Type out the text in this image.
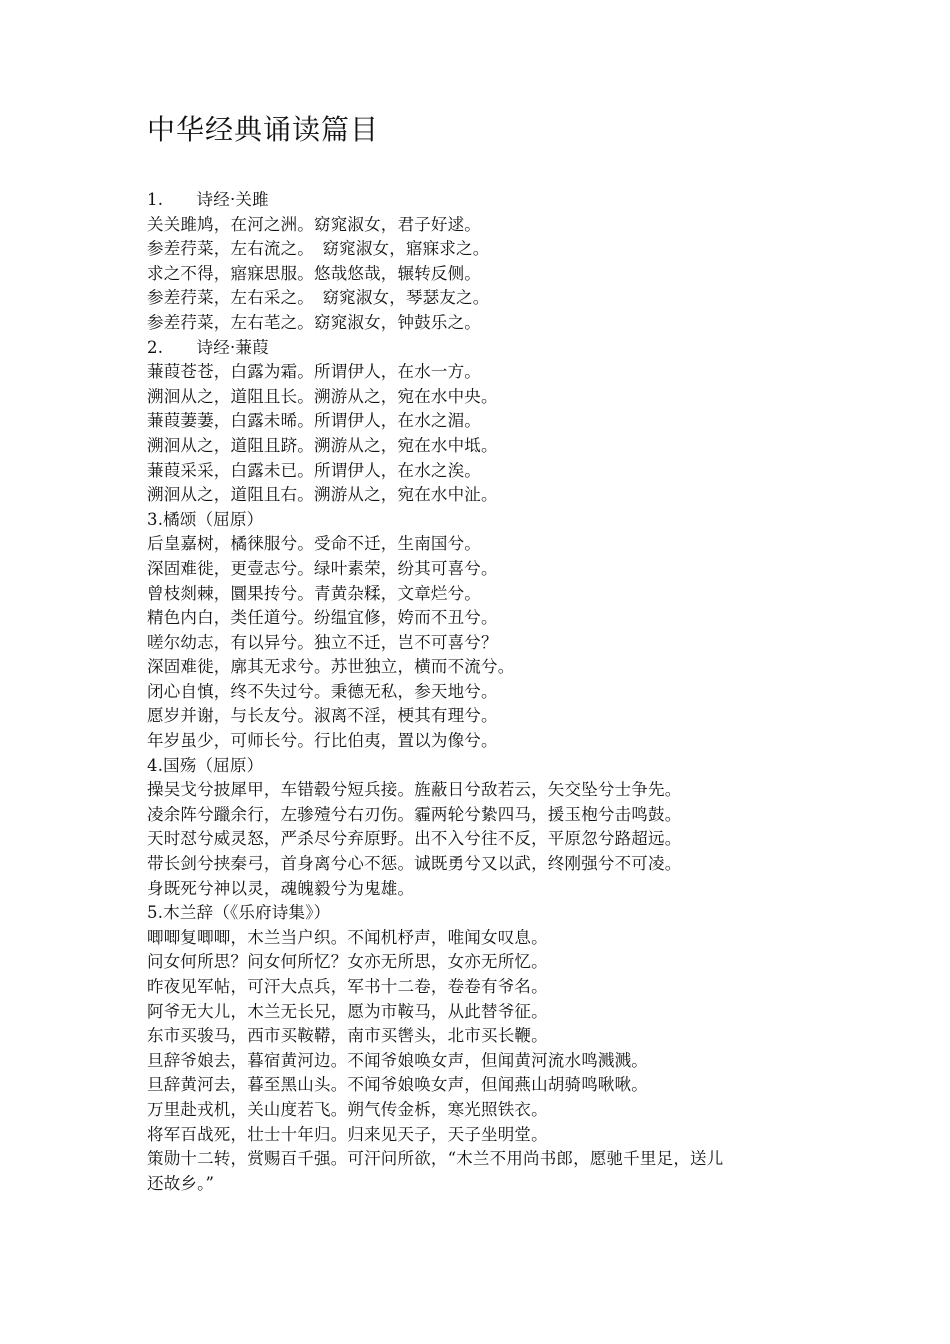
中华经典诵读篇目
1.　　诗经·关雎
关关雎鸠，在河之洲。窈窕淑女，君子好逑。
参差荇菜，左右流之。　窈窕淑女，寤寐求之。
求之不得，寤寐思服。悠哉悠哉，辗转反侧。
参差荇菜，左右采之。　窈窕淑女，琴瑟友之。
参差荇菜，左右芼之。窈窕淑女，钟鼓乐之。
2.　　诗经·蒹葭
蒹葭苍苍，白露为霜。所谓伊人，在水一方。
溯洄从之，道阻且长。溯游从之，宛在水中央。
蒹葭萋萋，白露未晞。所谓伊人，在水之湄。
溯洄从之，道阻且跻。溯游从之，宛在水中坻。
蒹葭采采，白露未已。所谓伊人，在水之涘。
溯洄从之，道阻且右。溯游从之，宛在水中沚。
3.橘颂（屈原）
后皇嘉树，橘徕服兮。受命不迁，生南国兮。
深固难徙，更壹志兮。绿叶素荣，纷其可喜兮。
曾枝剡棘，圜果抟兮。青黄杂糅，文章烂兮。
精色内白，类任道兮。纷缊宜修，姱而不丑兮。
嗟尔幼志，有以异兮。独立不迁，岂不可喜兮？
深固难徙，廓其无求兮。苏世独立，横而不流兮。
闭心自慎，终不失过兮。秉德无私，参天地兮。
愿岁并谢，与长友兮。淑离不淫，梗其有理兮。
年岁虽少，可师长兮。行比伯夷，置以为像兮。
4.国殇（屈原）
操吴戈兮披犀甲，车错毂兮短兵接。旌蔽日兮敌若云，矢交坠兮士争先。
凌余阵兮躐余行，左骖殪兮右刃伤。霾两轮兮絷四马，援玉枹兮击鸣鼓。
天时怼兮威灵怒，严杀尽兮弃原野。出不入兮往不反，平原忽兮路超远。
带长剑兮挟秦弓，首身离兮心不惩。诚既勇兮又以武，终刚强兮不可凌。
身既死兮神以灵，魂魄毅兮为鬼雄。
5.木兰辞（《乐府诗集》）
唧唧复唧唧，木兰当户织。不闻机杼声，唯闻女叹息。
问女何所思？问女何所忆？女亦无所思，女亦无所忆。
昨夜见军帖，可汗大点兵，军书十二卷，卷卷有爷名。
阿爷无大儿，木兰无长兄，愿为市鞍马，从此替爷征。
东市买骏马，西市买鞍鞯，南市买辔头，北市买长鞭。
旦辞爷娘去，暮宿黄河边。不闻爷娘唤女声，但闻黄河流水鸣溅溅。
旦辞黄河去，暮至黑山头。不闻爷娘唤女声，但闻燕山胡骑鸣啾啾。
万里赴戎机，关山度若飞。朔气传金柝，寒光照铁衣。
将军百战死，壮士十年归。归来见天子，天子坐明堂。
策勋十二转，赏赐百千强。可汗问所欲，“木兰不用尚书郎，愿驰千里足，送儿
还故乡。”
